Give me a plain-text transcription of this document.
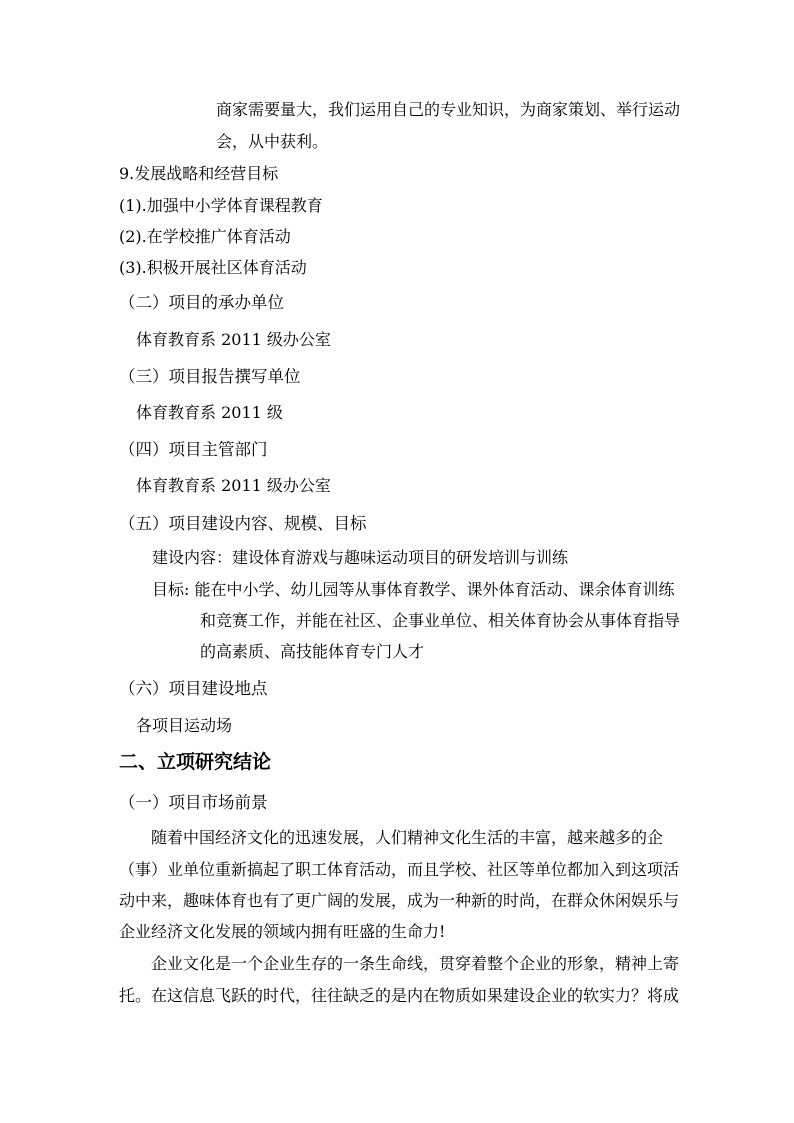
商家需要量大，我们运用自己的专业知识，为商家策划、举行运动

会，从中获利。

9.发展战略和经营目标

(1).加强中小学体育课程教育

(2).在学校推广体育活动

(3).积极开展社区体育活动

（二）项目的承办单位

体育教育系 2011 级办公室

（三）项目报告撰写单位

体育教育系 2011 级

（四）项目主管部门

体育教育系 2011 级办公室

（五）项目建设内容、规模、目标

建设内容：建设体育游戏与趣味运动项目的研发培训与训练

目标: 能在中小学、幼儿园等从事体育教学、课外体育活动、课余体育训练

和竞赛工作，并能在社区、企事业单位、相关体育协会从事体育指导

的高素质、高技能体育专门人才

（六）项目建设地点

各项目运动场

二、立项研究结论

（一）项目市场前景

随着中国经济文化的迅速发展，人们精神文化生活的丰富，越来越多的企

（事）业单位重新搞起了职工体育活动，而且学校、社区等单位都加入到这项活

动中来，趣味体育也有了更广阔的发展，成为一种新的时尚，在群众休闲娱乐与

企业经济文化发展的领域内拥有旺盛的生命力!

企业文化是一个企业生存的一条生命线，贯穿着整个企业的形象，精神上寄

托。在这信息飞跃的时代，往往缺乏的是内在物质如果建设企业的软实力？将成
